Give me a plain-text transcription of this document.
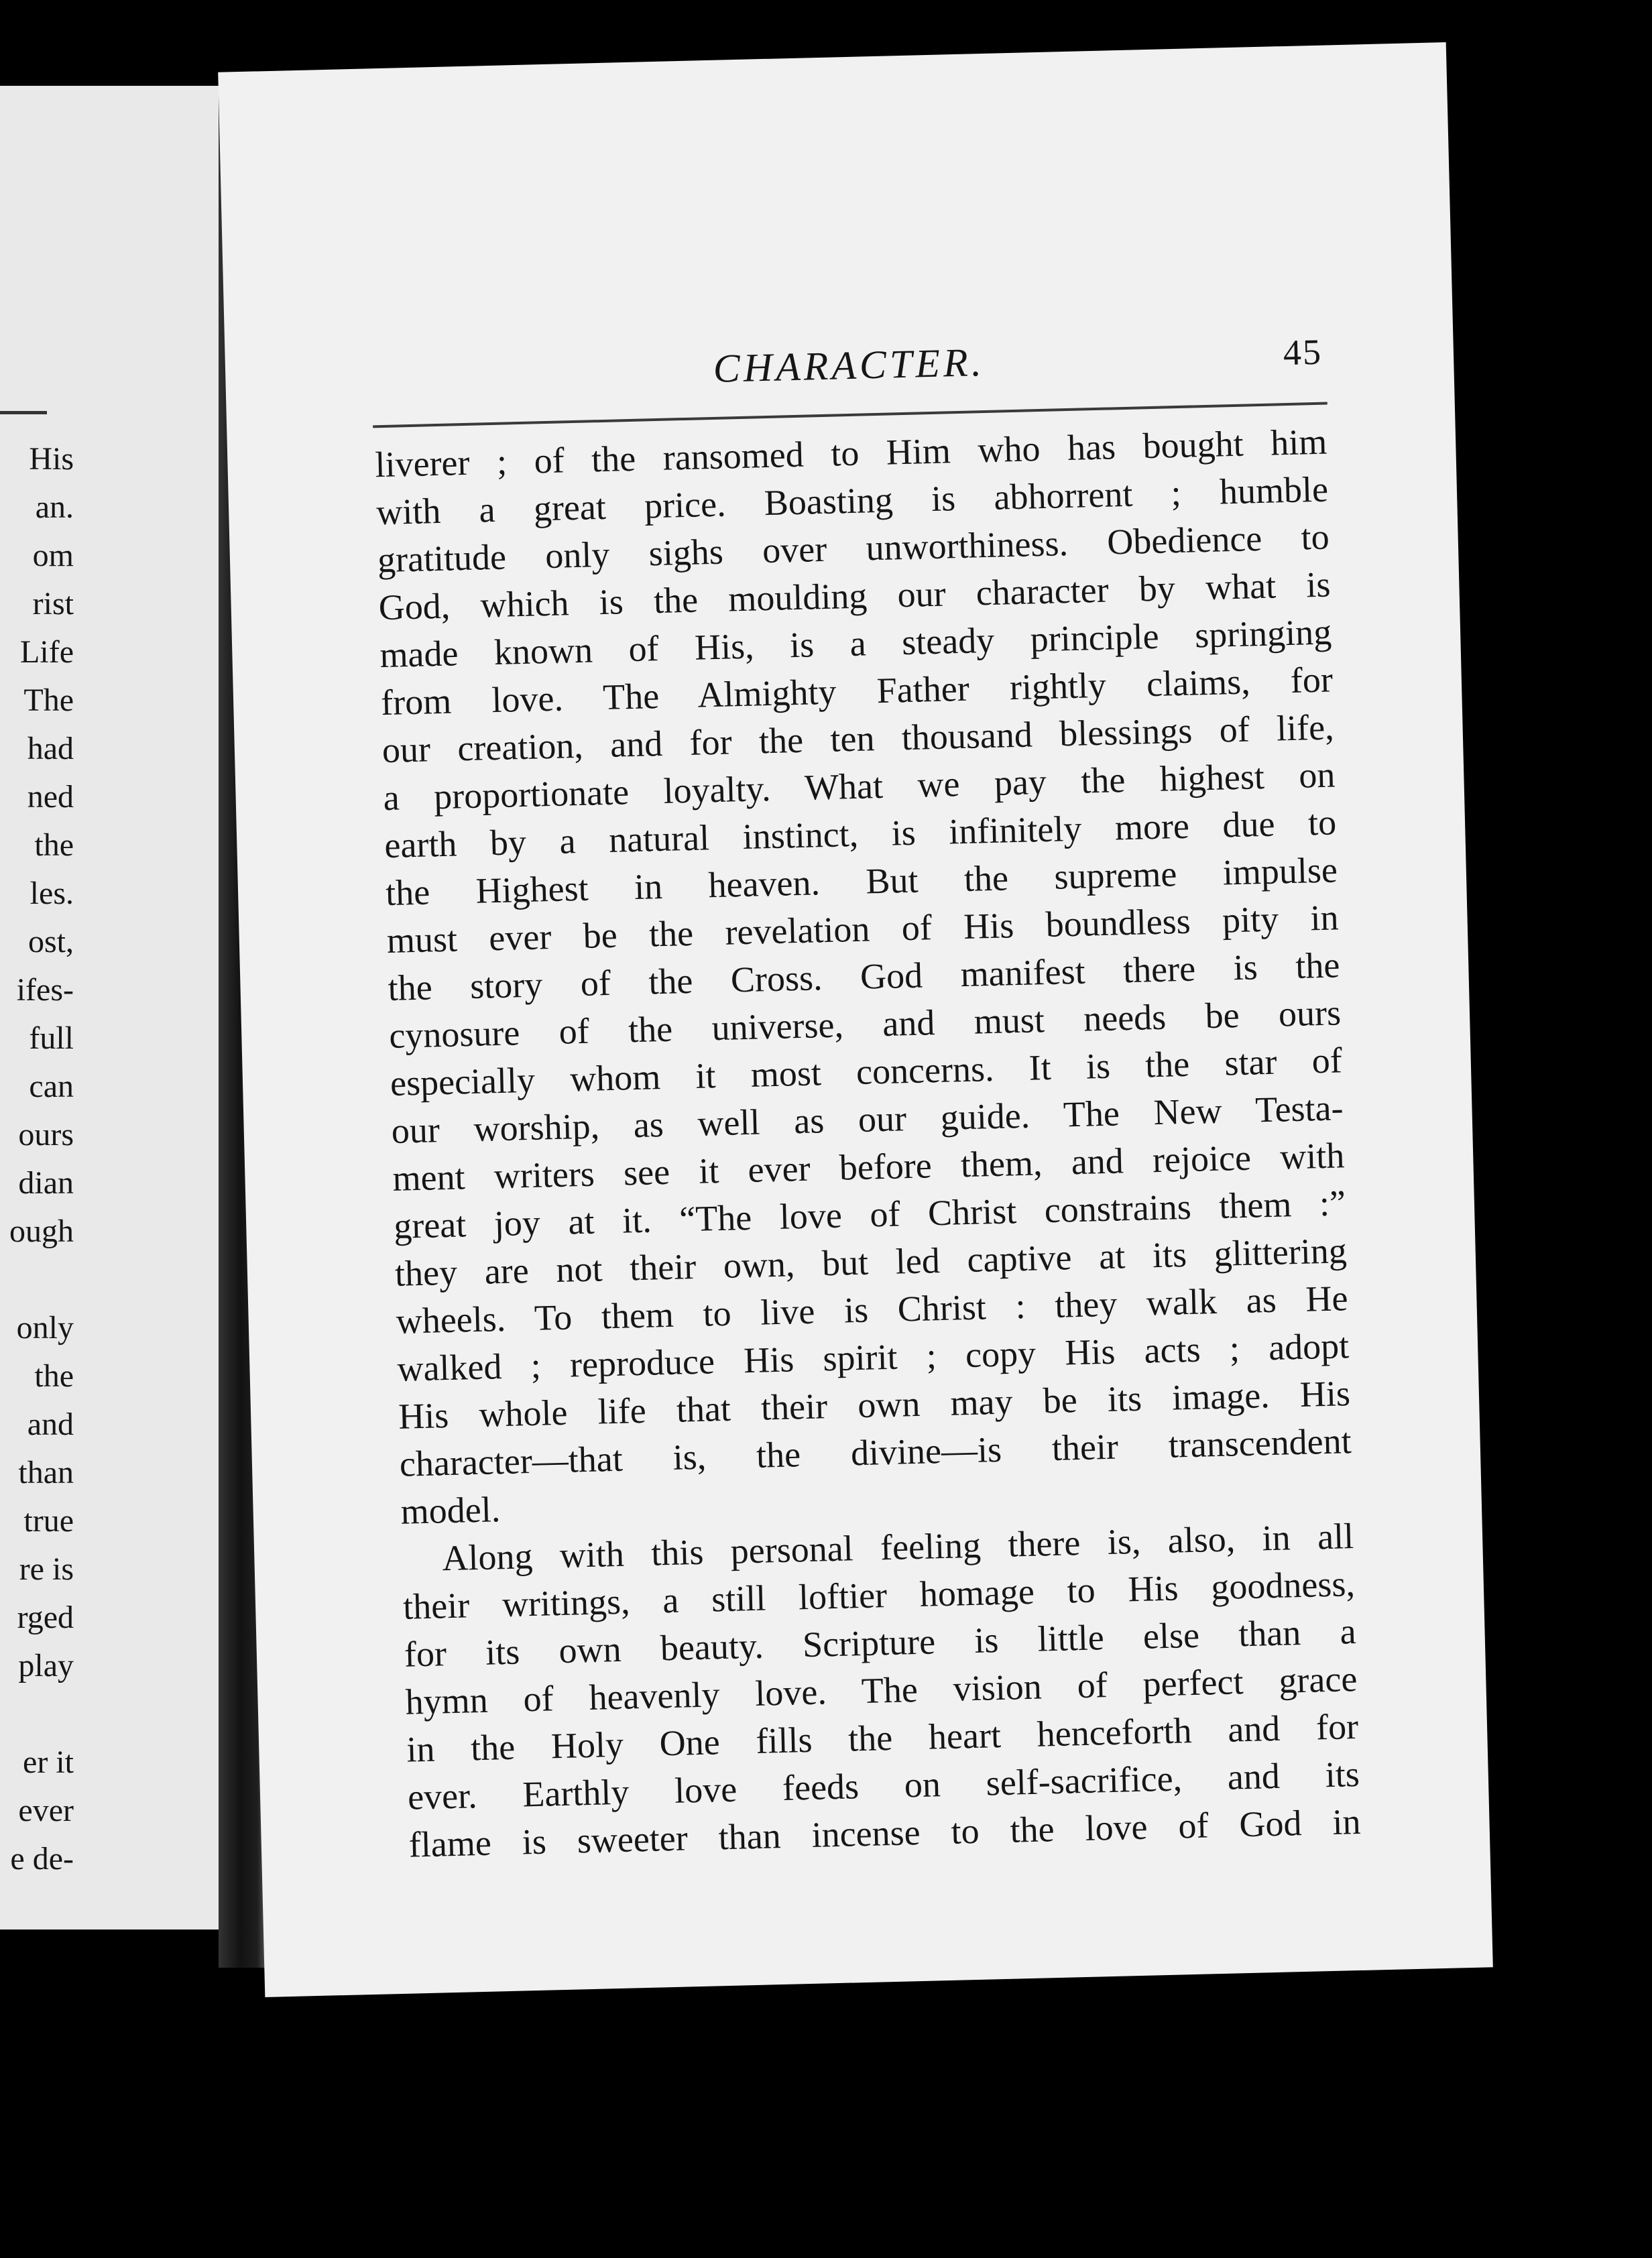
His
an.
om
rist
Life
The
had
ned
the
les.
ost,
ifes-
full
can
ours
dian
ough
only
the
and
than
true
re is
rged
play
er it
ever
e de-
CHARACTER.	45
liverer ; of the ransomed to Him who has bought him
with a great price. Boasting is abhorrent ; humble
gratitude only sighs over unworthiness. Obedience to
God, which is the moulding our character by what is
made known of His, is a steady principle springing
from love. The Almighty Father rightly claims, for
our creation, and for the ten thousand blessings of life,
a proportionate loyalty. What we pay the highest on
earth by a natural instinct, is infinitely more due to
the Highest in heaven. But the supreme impulse
must ever be the revelation of His boundless pity in
the story of the Cross. God manifest there is the
cynosure of the universe, and must needs be ours
especially whom it most concerns. It is the star of
our worship, as well as our guide. The New Testa-
ment writers see it ever before them, and rejoice with
great joy at it. “The love of Christ constrains them :”
they are not their own, but led captive at its glittering
wheels. To them to live is Christ : they walk as He
walked ; reproduce His spirit ; copy His acts ; adopt
His whole life that their own may be its image. His
character—that is, the divine—is their transcendent
model.
Along with this personal feeling there is, also, in all
their writings, a still loftier homage to His goodness,
for its own beauty. Scripture is little else than a
hymn of heavenly love. The vision of perfect grace
in the Holy One fills the heart henceforth and for
ever. Earthly love feeds on self-sacrifice, and its
flame is sweeter than incense to the love of God in
